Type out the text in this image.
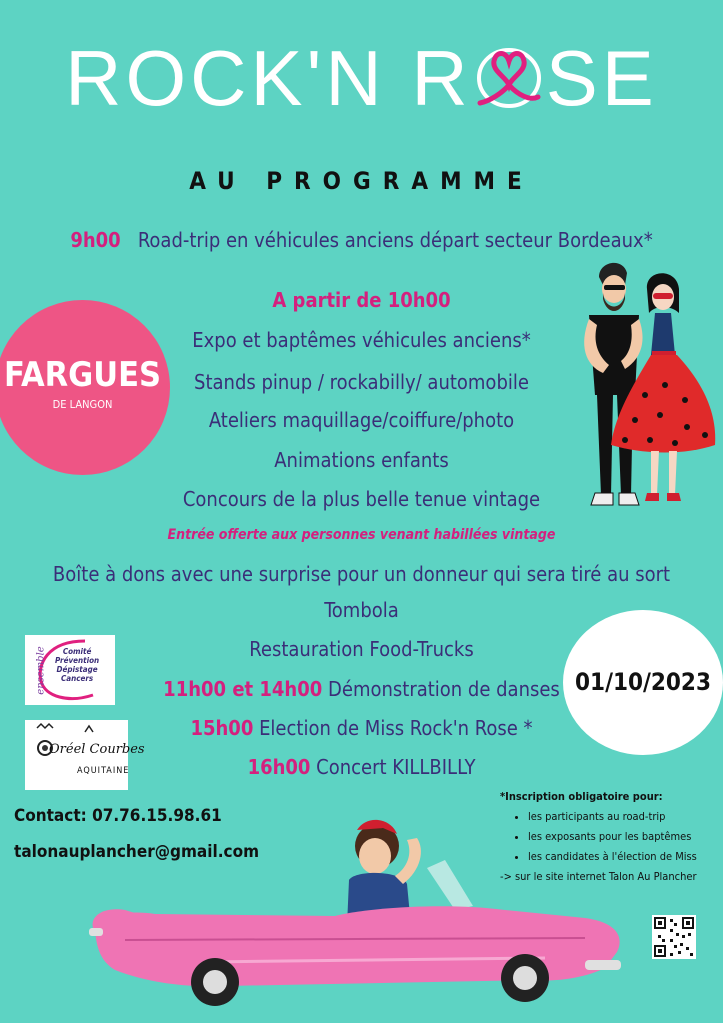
ROCK'N R SE
AU PROGRAMME
9h00 Road-trip en véhicules anciens départ secteur Bordeaux*
A partir de 10h00
Expo et baptêmes véhicules anciens*
Stands pinup / rockabilly/ automobile
Ateliers maquillage/coiffure/photo
Animations enfants
Concours de la plus belle tenue vintage
Entrée offerte aux personnes venant habillées vintage
Boîte à dons avec une surprise pour un donneur qui sera tiré au sort
Tombola
Restauration Food-Trucks
11h00 et 14h00 Démonstration de danses
15h00 Election de Miss Rock'n Rose *
16h00 Concert KILLBILLY
FARGUES
DE LANGON
01/10/2023
ensemble	Comité
Prévention
Dépistage
Cancers
Oréel Courbes
AQUITAINE
Contact: 07.76.15.98.61
talonauplancher@gmail.com
*Inscription obligatoire pour:
• les participants au road-trip
• les exposants pour les baptêmes
• les candidates à l'élection de Miss
-> sur le site internet Talon Au Plancher
